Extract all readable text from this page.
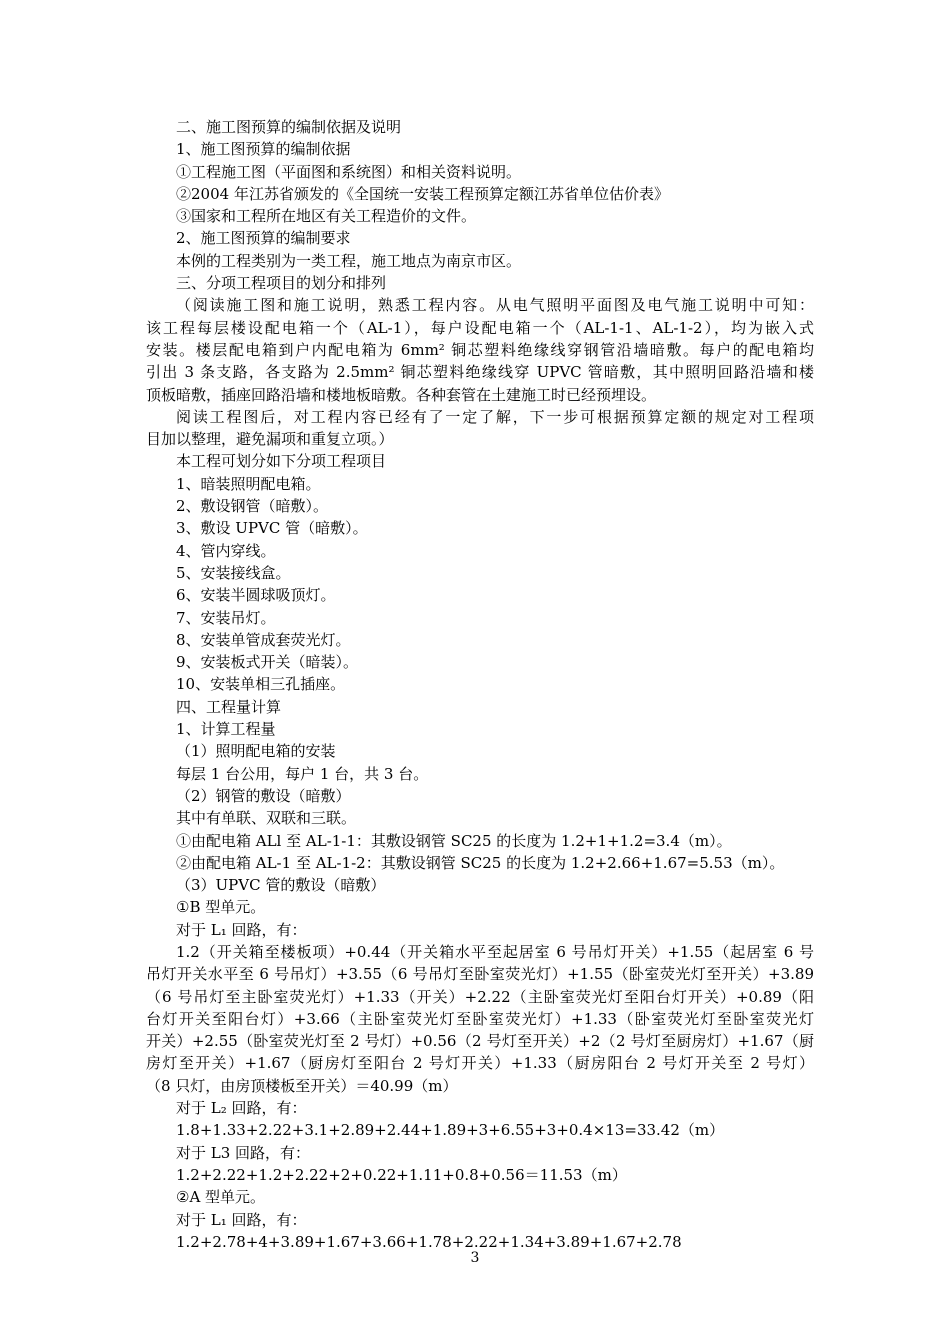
二、施工图预算的编制依据及说明
1、施工图预算的编制依据
①工程施工图（平面图和系统图）和相关资料说明。
②2004 年江苏省颁发的《全国统一安装工程预算定额江苏省单位估价表》
③国家和工程所在地区有关工程造价的文件。
2、施工图预算的编制要求
本例的工程类别为一类工程，施工地点为南京市区。
三、分项工程项目的划分和排列
（阅读施工图和施工说明，熟悉工程内容。从电气照明平面图及电气施工说明中可知：
该工程每层楼设配电箱一个（AL-1），每户设配电箱一个（AL-1-1、AL-1-2），均为嵌入式
安装。楼层配电箱到户内配电箱为 6mm² 铜芯塑料绝缘线穿钢管沿墙暗敷。每户的配电箱均
引出 3 条支路，各支路为 2.5mm² 铜芯塑料绝缘线穿 UPVC 管暗敷，其中照明回路沿墙和楼
顶板暗敷，插座回路沿墙和楼地板暗敷。各种套管在土建施工时已经预埋设。
阅读工程图后，对工程内容已经有了一定了解，下一步可根据预算定额的规定对工程项
目加以整理，避免漏项和重复立项。）
本工程可划分如下分项工程项目
1、暗装照明配电箱。
2、敷设钢管（暗敷）。
3、敷设 UPVC 管（暗敷）。
4、管内穿线。
5、安装接线盒。
6、安装半圆球吸顶灯。
7、安装吊灯。
8、安装单管成套荧光灯。
9、安装板式开关（暗装）。
10、安装单相三孔插座。
四、工程量计算
1、计算工程量
（1）照明配电箱的安装
每层 1 台公用，每户 1 台，共 3 台。
（2）钢管的敷设（暗敷）
其中有单联、双联和三联。
①由配电箱 ALl 至 AL-1-1：其敷设钢管 SC25 的长度为 1.2+1+1.2=3.4（m）。
②由配电箱 AL-1 至 AL-1-2：其敷设钢管 SC25 的长度为 1.2+2.66+1.67=5.53（m）。
（3）UPVC 管的敷设（暗敷）
①B 型单元。
对于 L₁ 回路，有：
1.2（开关箱至楼板项）+0.44（开关箱水平至起居室 6 号吊灯开关）+1.55（起居室 6 号
吊灯开关水平至 6 号吊灯）+3.55（6 号吊灯至卧室荧光灯）+1.55（卧室荧光灯至开关）+3.89
（6 号吊灯至主卧室荧光灯）+1.33（开关）+2.22（主卧室荧光灯至阳台灯开关）+0.89（阳
台灯开关至阳台灯）+3.66（主卧室荧光灯至卧室荧光灯）+1.33（卧室荧光灯至卧室荧光灯
开关）+2.55（卧室荧光灯至 2 号灯）+0.56（2 号灯至开关）+2（2 号灯至厨房灯）+1.67（厨
房灯至开关）+1.67（厨房灯至阳台 2 号灯开关）+1.33（厨房阳台 2 号灯开关至 2 号灯）
（8 只灯，由房顶楼板至开关）＝40.99（m）
对于 L₂ 回路，有：
1.8+1.33+2.22+3.1+2.89+2.44+1.89+3+6.55+3+0.4×13=33.42（m）
对于 L3 回路，有：
1.2+2.22+1.2+2.22+2+0.22+1.11+0.8+0.56＝11.53（m）
②A 型单元。
对于 L₁ 回路，有：
1.2+2.78+4+3.89+1.67+3.66+1.78+2.22+1.34+3.89+1.67+2.78
3
